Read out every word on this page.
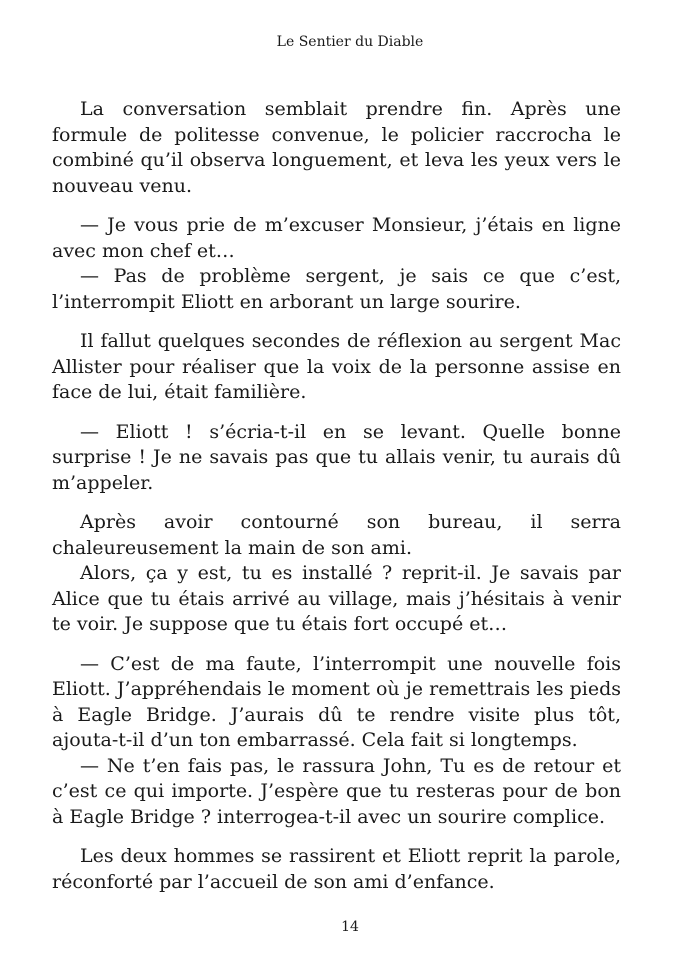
Le Sentier du Diable

La conversation semblait prendre fin. Après une formule de politesse convenue, le policier raccrocha le combiné qu’il observa longuement, et leva les yeux vers le nouveau venu.

— Je vous prie de m’excuser Monsieur, j’étais en ligne avec mon chef et…

— Pas de problème sergent, je sais ce que c’est, l’interrompit Eliott en arborant un large sourire.

Il fallut quelques secondes de réflexion au sergent Mac Allister pour réaliser que la voix de la personne assise en face de lui, était familière.

— Eliott ! s’écria-t-il en se levant. Quelle bonne surprise ! Je ne savais pas que tu allais venir, tu aurais dû m’appeler.

Après avoir contourné son bureau, il serra chaleureusement la main de son ami.

Alors, ça y est, tu es installé ? reprit-il. Je savais par Alice que tu étais arrivé au village, mais j’hésitais à venir te voir. Je suppose que tu étais fort occupé et…

— C’est de ma faute, l’interrompit une nouvelle fois Eliott. J’appréhendais le moment où je remettrais les pieds à Eagle Bridge. J’aurais dû te rendre visite plus tôt, ajouta-t-il d’un ton embarrassé. Cela fait si longtemps.

— Ne t’en fais pas, le rassura John, Tu es de retour et c’est ce qui importe. J’espère que tu resteras pour de bon à Eagle Bridge ? interrogea-t-il avec un sourire complice.

Les deux hommes se rassirent et Eliott reprit la parole, réconforté par l’accueil de son ami d’enfance.

14
